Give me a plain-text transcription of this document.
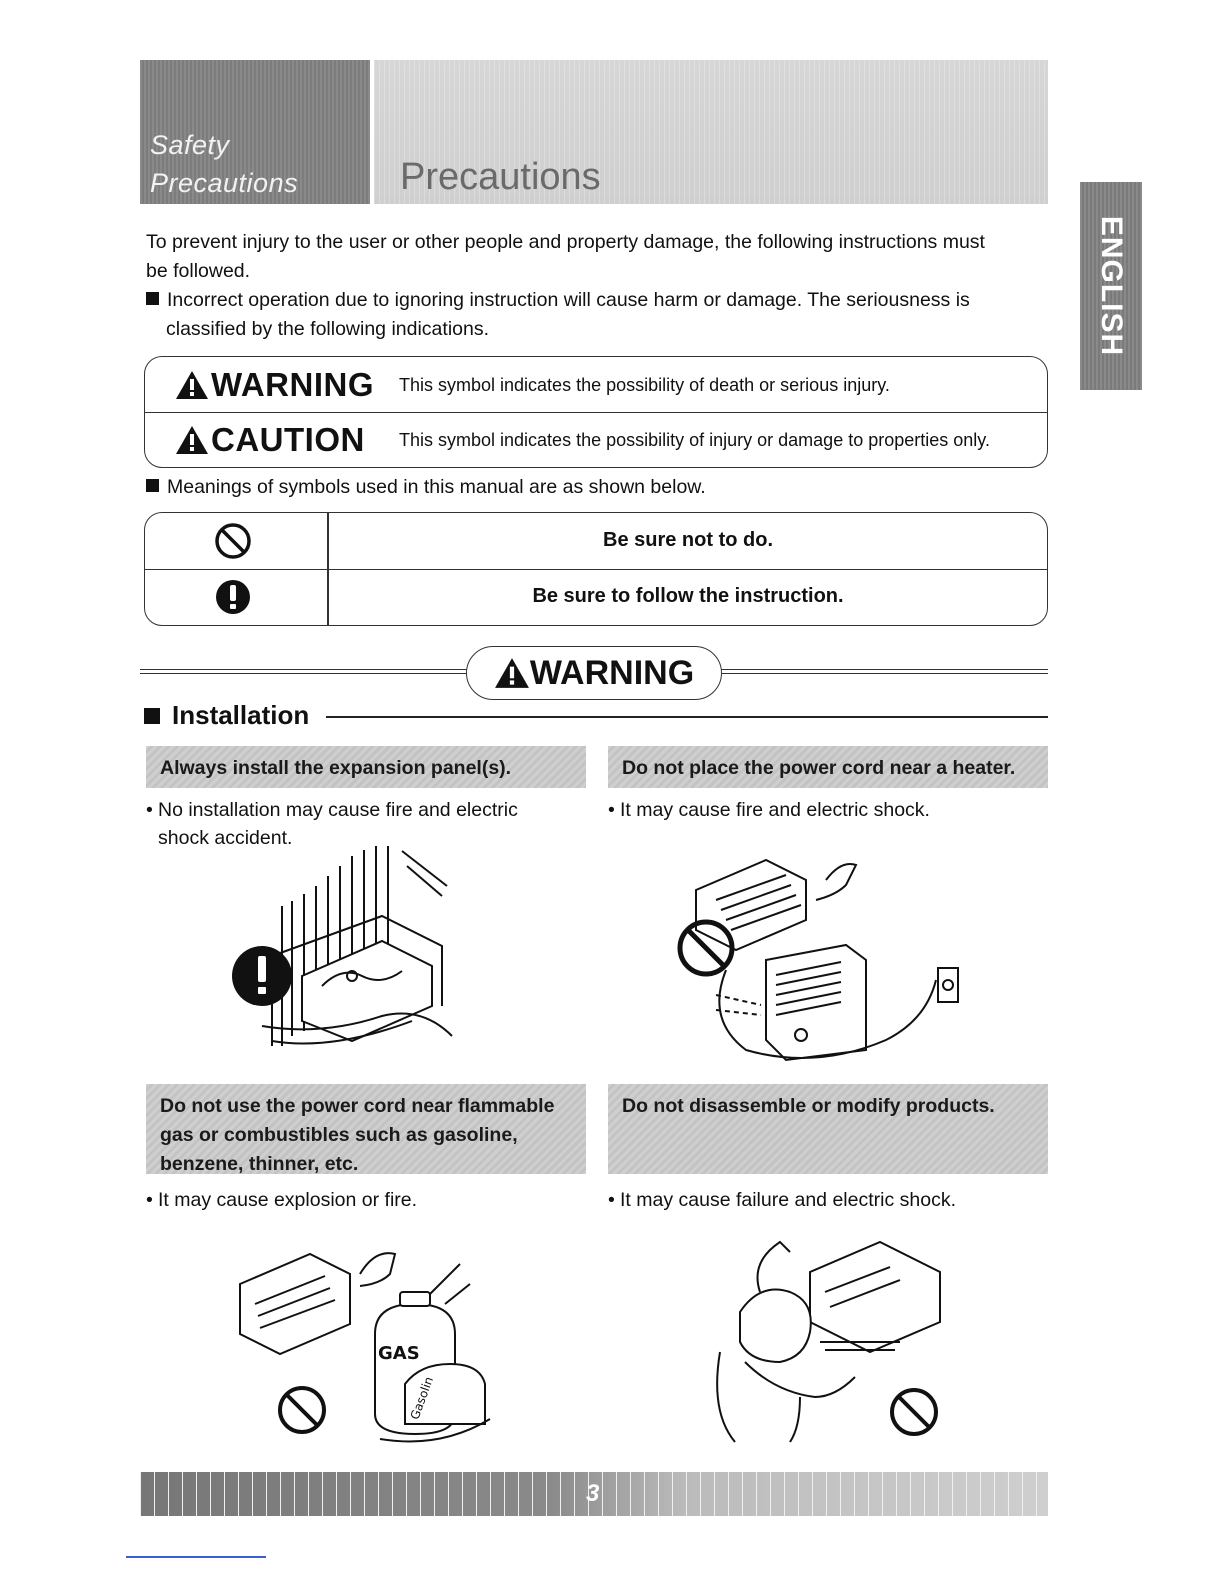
Safety
Precautions	Precautions
ENGLISH
To prevent injury to the user or other people and property damage, the following instructions must
be followed.
Incorrect operation due to ignoring instruction will cause harm or damage. The seriousness is
classified by the following indications.
WARNING This symbol indicates the possibility of death or serious injury.
CAUTION This symbol indicates the possibility of injury or damage to properties only.
Meanings of symbols used in this manual are as shown below.
Be sure not to do.
Be sure to follow the instruction.
WARNING
Installation
Always install the expansion panel(s).
• No installation may cause fire and electric
shock accident.
Do not place the power cord near a heater.
• It may cause fire and electric shock.
Do not use the power cord near flammable
gas or combustibles such as gasoline,
benzene, thinner, etc.
• It may cause explosion or fire.
GAS
Gasolin
Do not disassemble or modify products.
• It may cause failure and electric shock.
3
